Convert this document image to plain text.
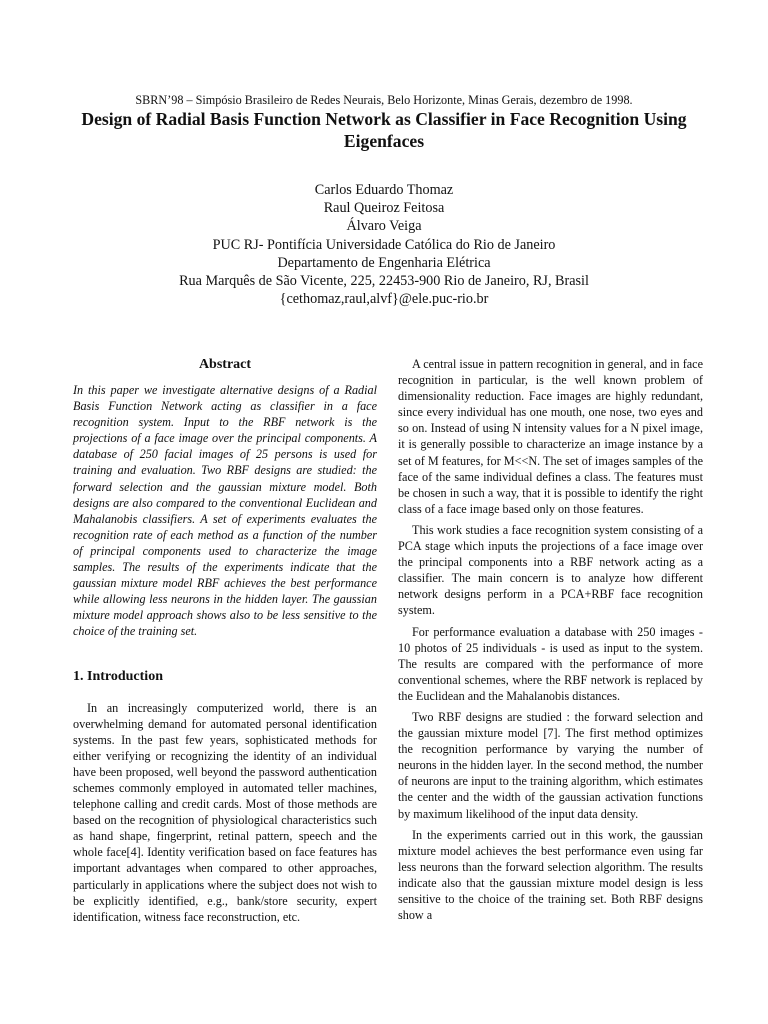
SBRN’98 – Simpósio Brasileiro de Redes Neurais, Belo Horizonte, Minas Gerais, dezembro de 1998.
Design of Radial Basis Function Network as Classifier in Face Recognition Using Eigenfaces
Carlos Eduardo Thomaz
Raul Queiroz Feitosa
Álvaro Veiga
PUC RJ- Pontifícia Universidade Católica do Rio de Janeiro
Departamento de Engenharia Elétrica
Rua Marquês de São Vicente, 225, 22453-900 Rio de Janeiro, RJ, Brasil
{cethomaz,raul,alvf}@ele.puc-rio.br
Abstract

In this paper we investigate alternative designs of a Radial Basis Function Network acting as classifier in a face recognition system. Input to the RBF network is the projections of a face image over the principal components. A database of 250 facial images of 25 persons is used for training and evaluation. Two RBF designs are studied: the forward selection and the gaussian mixture model. Both designs are also compared to the conventional Euclidean and Mahalanobis classifiers. A set of experiments evaluates the recognition rate of each method as a function of the number of principal components used to characterize the image samples. The results of the experiments indicate that the gaussian mixture model RBF achieves the best performance while allowing less neurons in the hidden layer. The gaussian mixture model approach shows also to be less sensitive to the choice of the training set.

1. Introduction

In an increasingly computerized world, there is an overwhelming demand for automated personal identification systems. In the past few years, sophisticated methods for either verifying or recognizing the identity of an individual have been proposed, well beyond the password authentication schemes commonly employed in automated teller machines, telephone calling and credit cards. Most of those methods are based on the recognition of physiological characteristics such as hand shape, fingerprint, retinal pattern, speech and the whole face[4]. Identity verification based on face features has important advantages when compared to other approaches, particularly in applications where the subject does not wish to be explicitly identified, e.g., bank/store security, expert identification, witness face reconstruction, etc.

A central issue in pattern recognition in general, and in face recognition in particular, is the well known problem of dimensionality reduction. Face images are highly redundant, since every individual has one mouth, one nose, two eyes and so on. Instead of using N intensity values for a N pixel image, it is generally possible to characterize an image instance by a set of M features, for M<<N. The set of images samples of the face of the same individual defines a class. The features must be chosen in such a way, that it is possible to identify the right class of a face image based only on those features.

This work studies a face recognition system consisting of a PCA stage which inputs the projections of a face image over the principal components into a RBF network acting as a classifier. The main concern is to analyze how different network designs perform in a PCA+RBF face recognition system.

For performance evaluation a database with 250 images - 10 photos of 25 individuals - is used as input to the system. The results are compared with the performance of more conventional schemes, where the RBF network is replaced by the Euclidean and the Mahalanobis distances.

Two RBF designs are studied : the forward selection and the gaussian mixture model [7]. The first method optimizes the recognition performance by varying the number of neurons in the hidden layer. In the second method, the number of neurons are input to the training algorithm, which estimates the center and the width of the gaussian activation functions by maximum likelihood of the input data density.

In the experiments carried out in this work, the gaussian mixture model achieves the best performance even using far less neurons than the forward selection algorithm. The results indicate also that the gaussian mixture model design is less sensitive to the choice of the training set. Both RBF designs show a
